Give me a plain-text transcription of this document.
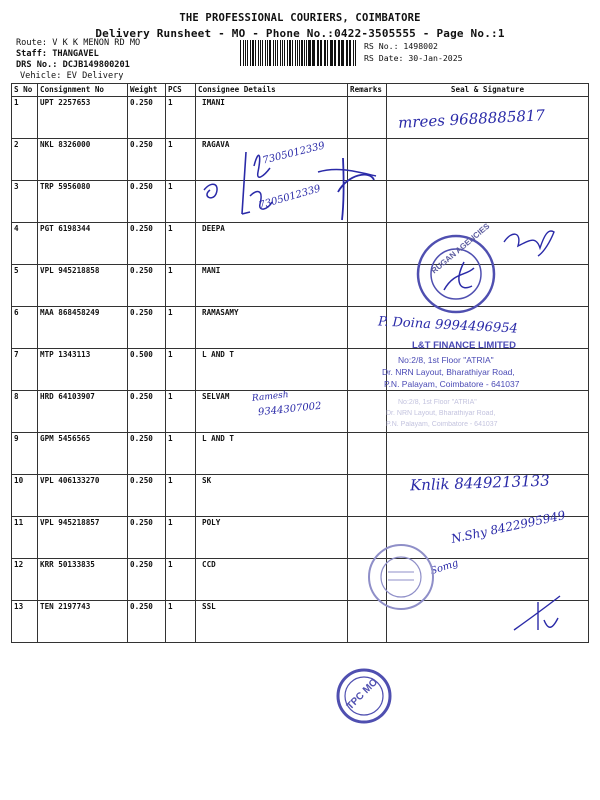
THE PROFESSIONAL COURIERS, COIMBATORE
Delivery Runsheet - MO - Phone No.:0422-3505555 - Page No.:1
Route: V K K MENON RD MO
Staff: THANGAVEL
DRS No.: DCJB149800201
Vehicle: EV Delivery
RS No.: 1498002
RS Date: 30-Jan-2025
S No	Consignment No	Weight	PCS	Consignee Details	Remarks	Seal & Signature
1	UPT 2257653	0.250	1	IMANI		
2	NKL 8326000	0.250	1	RAGAVA		
3	TRP 5956080	0.250	1			
4	PGT 6198344	0.250	1	DEEPA		
5	VPL 945218858	0.250	1	MANI		
6	MAA 868458249	0.250	1	RAMASAMY		
7	MTP 1343113	0.500	1	L AND T		
8	HRD 64103907	0.250	1	SELVAM		
9	GPM 5456565	0.250	1	L AND T		
10	VPL 406133270	0.250	1	SK		
11	VPL 945218857	0.250	1	POLY		
12	KRR 50133835	0.250	1	CCD		
13	TEN 2197743	0.250	1	SSL		
mrees 9688885817
7305012339
7305012339
RUGAN AGENCIES
P. Doina 9994496954
L&T FINANCE LIMITED
No:2/8, 1st Floor "ATRIA"
Dr. NRN Layout, Bharathiyar Road,
P.N. Palayam, Coimbatore - 641037
No:2/8, 1st Floor "ATRIA"
Dr. NRN Layout, Bharathiyar Road,
P.N. Palayam, Coimbatore - 641037
Ramesh
9344307002
Knlik 8449213133
N.Shy 8422995949
Somg
TPC MO
